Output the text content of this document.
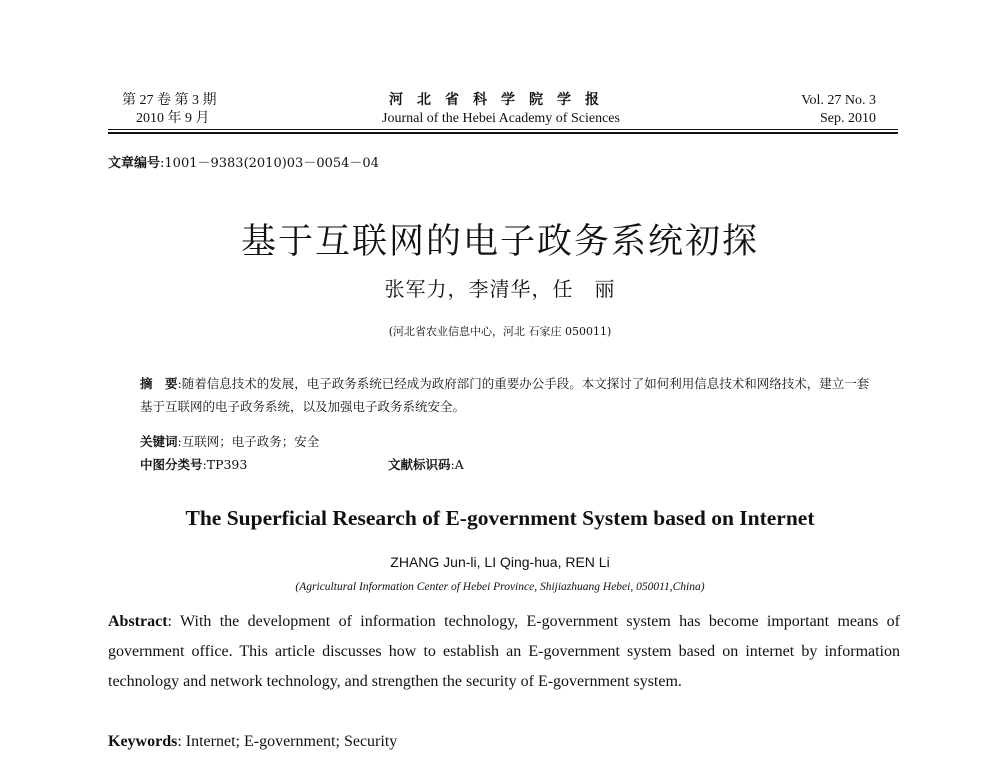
第 27 卷 第 3 期
2010 年 9 月
河北省科学院学报
Journal of the Hebei Academy of Sciences
Vol. 27 No. 3
Sep. 2010
文章编号:1001－9383(2010)03－0054－04
基于互联网的电子政务系统初探
张军力，李清华，任　丽
(河北省农业信息中心，河北 石家庄 050011)
摘　要:随着信息技术的发展，电子政务系统已经成为政府部门的重要办公手段。本文探讨了如何利用信息技术和网络技术，建立一套基于互联网的电子政务系统，以及加强电子政务系统安全。
关键词:互联网；电子政务；安全
中图分类号:TP393	文献标识码:A
The Superficial Research of E-government System based on Internet
ZHANG Jun-li, LI Qing-hua, REN Li
(Agricultural Information Center of Hebei Province, Shijiazhuang Hebei, 050011,China)
Abstract: With the development of information technology, E-government system has become important means of government office. This article discusses how to establish an E-government system based on internet by information technology and network technology, and strengthen the security of E-government system.
Keywords: Internet; E-government; Security
